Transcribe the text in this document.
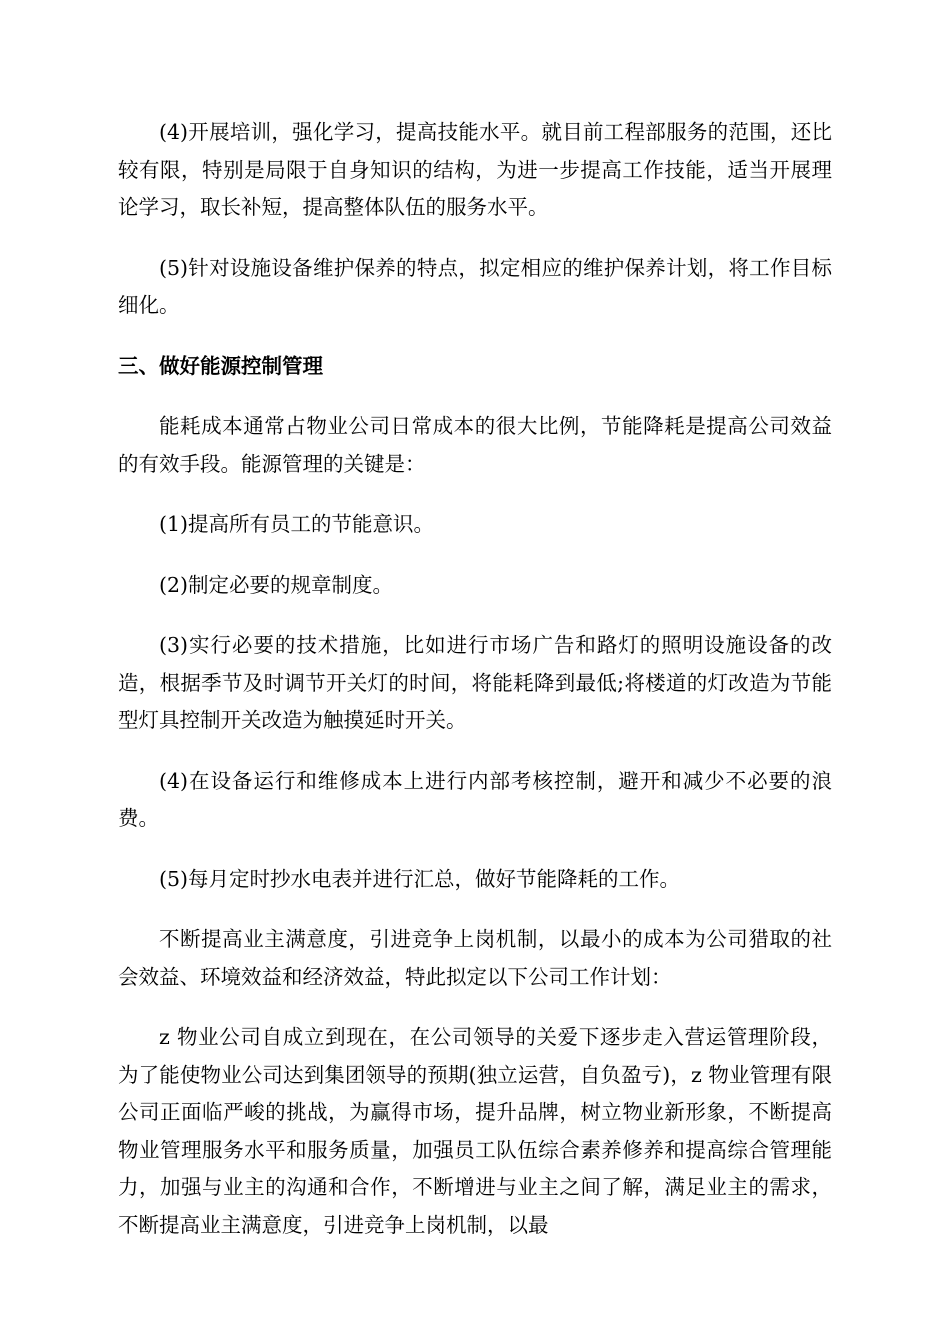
(4)开展培训，强化学习，提高技能水平。就目前工程部服务的范围，还比较有限，特别是局限于自身知识的结构，为进一步提高工作技能，适当开展理论学习，取长补短，提高整体队伍的服务水平。

(5)针对设施设备维护保养的特点，拟定相应的维护保养计划，将工作目标细化。

三、做好能源控制管理

能耗成本通常占物业公司日常成本的很大比例，节能降耗是提高公司效益的有效手段。能源管理的关键是：

(1)提高所有员工的节能意识。

(2)制定必要的规章制度。

(3)实行必要的技术措施，比如进行市场广告和路灯的照明设施设备的改造，根据季节及时调节开关灯的时间，将能耗降到最低;将楼道的灯改造为节能型灯具控制开关改造为触摸延时开关。

(4)在设备运行和维修成本上进行内部考核控制，避开和减少不必要的浪费。

(5)每月定时抄水电表并进行汇总，做好节能降耗的工作。

不断提高业主满意度，引进竞争上岗机制，以最小的成本为公司猎取的社会效益、环境效益和经济效益，特此拟定以下公司工作计划：

z 物业公司自成立到现在，在公司领导的关爱下逐步走入营运管理阶段，为了能使物业公司达到集团领导的预期(独立运营，自负盈亏)，z 物业管理有限公司正面临严峻的挑战，为赢得市场，提升品牌，树立物业新形象，不断提高物业管理服务水平和服务质量，加强员工队伍综合素养修养和提高综合管理能力，加强与业主的沟通和合作，不断增进与业主之间了解，满足业主的需求，不断提高业主满意度，引进竞争上岗机制，以最
